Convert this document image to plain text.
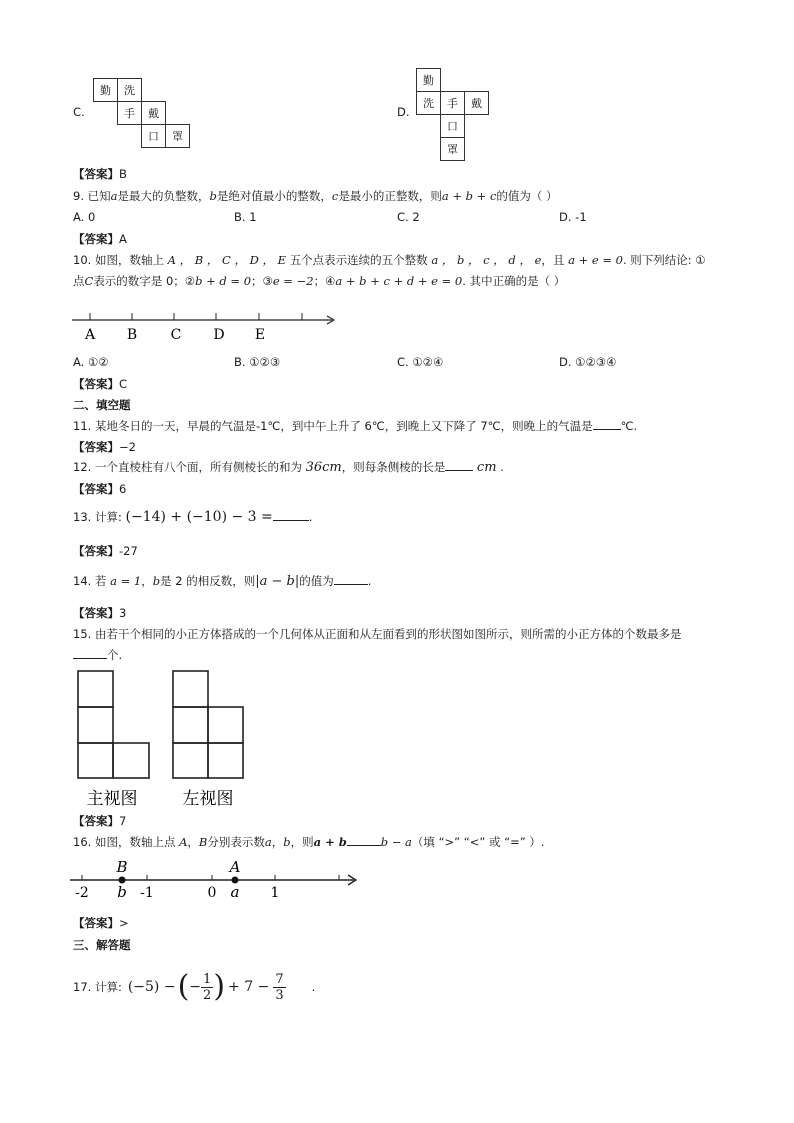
C.
勤	洗
手	戴
口	罩
D.
勤
洗	手	戴
口
罩
【答案】B
9. 已知a是最大的负整数，b是绝对值最小的整数，c是最小的正整数，则a + b + c的值为（ ）
A. 0	B. 1	C. 2	D. -1
【答案】A
10. 如图，数轴上 A ， B ， C ， D ， E 五个点表示连续的五个整数 a ， b ， c ， d ， e，且 a + e = 0. 则下列结论: ①
点C表示的数字是 0；②b + d = 0；③e = −2；④a + b + c + d + e = 0. 其中正确的是（ ）
A B C D E
A. ①②	B. ①②③	C. ①②④	D. ①②③④
【答案】C
二、填空题
11. 某地冬日的一天，早晨的气温是-1℃，到中午上升了 6℃，到晚上又下降了 7℃，则晚上的气温是 ℃.
【答案】−2
12. 一个直棱柱有八个面，所有侧棱长的和为 36cm，则每条侧棱的长是 cm .
【答案】6
13. 计算: (−14) + (−10) − 3 =	.
【答案】-27
14. 若 a = 1，b是 2 的相反数，则|a − b|的值为	.
【答案】3
15. 由若干个相同的小正方体搭成的一个几何体从正面和从左面看到的形状图如图所示，则所需的小正方体的个数最多是
个.
主视图	左视图
【答案】7
16. 如图，数轴上点 A，B分别表示数a，b，则a + b	b − a（填 “>” “<” 或 “=” ）.
B	A
-2 b -1	0 a 1
【答案】>
三、解答题
17. 计算: (−5) − ( − $\frac{1}{2}$ ) + $7 - \frac{7}{3}$ .
